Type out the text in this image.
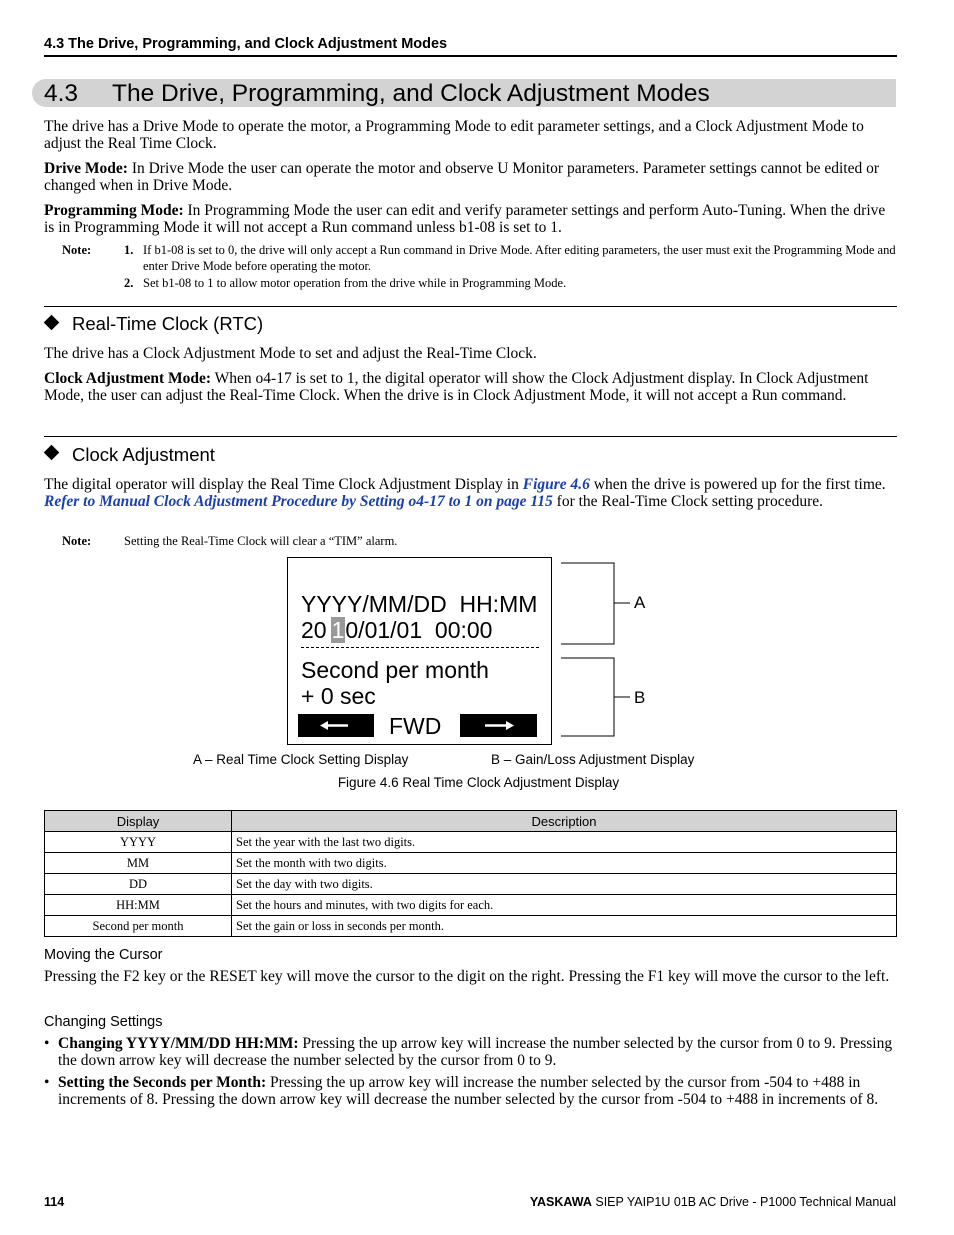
4.3 The Drive, Programming, and Clock Adjustment Modes
4.3 The Drive, Programming, and Clock Adjustment Modes

The drive has a Drive Mode to operate the motor, a Programming Mode to edit parameter settings, and a Clock Adjustment Mode to adjust the Real Time Clock.

Drive Mode: In Drive Mode the user can operate the motor and observe U Monitor parameters. Parameter settings cannot be edited or changed when in Drive Mode.

Programming Mode: In Programming Mode the user can edit and verify parameter settings and perform Auto-Tuning. When the drive is in Programming Mode it will not accept a Run command unless b1-08 is set to 1.

Note:	1. If b1-08 is set to 0, the drive will only accept a Run command in Drive Mode. After editing parameters, the user must exit the Programming Mode and enter Drive Mode before operating the motor.
2. Set b1-08 to 1 to allow motor operation from the drive while in Programming Mode.
Real-Time Clock (RTC)

The drive has a Clock Adjustment Mode to set and adjust the Real-Time Clock.

Clock Adjustment Mode: When o4-17 is set to 1, the digital operator will show the Clock Adjustment display. In Clock Adjustment Mode, the user can adjust the Real-Time Clock. When the drive is in Clock Adjustment Mode, it will not accept a Run command.

Clock Adjustment

The digital operator will display the Real Time Clock Adjustment Display in Figure 4.6 when the drive is powered up for the first time. Refer to Manual Clock Adjustment Procedure by Setting o4-17 to 1 on page 115 for the Real-Time Clock setting procedure.

Note:	Setting the Real-Time Clock will clear a “TIM” alarm.
YYYY/MM/DD  HH:MM
20 10/01/01  00:00
Second per month
+ 0 sec
FWD
A
B
A – Real Time Clock Setting Display	B – Gain/Loss Adjustment Display
Figure 4.6 Real Time Clock Adjustment Display
Display	Description
YYYY	Set the year with the last two digits.
MM	Set the month with two digits.
DD	Set the day with two digits.
HH:MM	Set the hours and minutes, with two digits for each.
Second per month	Set the gain or loss in seconds per month.
Moving the Cursor

Pressing the F2 key or the RESET key will move the cursor to the digit on the right. Pressing the F1 key will move the cursor to the left.

Changing Settings
• Changing YYYY/MM/DD HH:MM: Pressing the up arrow key will increase the number selected by the cursor from 0 to 9. Pressing the down arrow key will decrease the number selected by the cursor from 0 to 9.

• Setting the Seconds per Month: Pressing the up arrow key will increase the number selected by the cursor from -504 to +488 in increments of 8. Pressing the down arrow key will decrease the number selected by the cursor from -504 to +488 in increments of 8.

114	YASKAWA SIEP YAIP1U 01B AC Drive - P1000 Technical Manual
